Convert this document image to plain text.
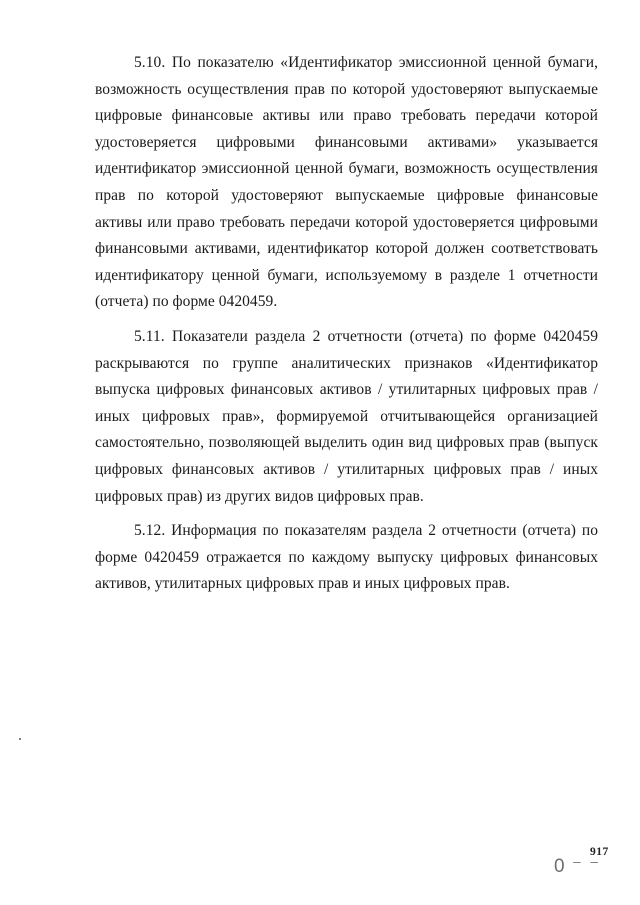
5.10. По показателю «Идентификатор эмиссионной ценной бумаги, возможность осуществления прав по которой удостоверяют выпускаемые цифровые финансовые активы или право требовать передачи которой удостоверяется цифровыми финансовыми активами» указывается идентификатор эмиссионной ценной бумаги, возможность осуществления прав по которой удостоверяют выпускаемые цифровые финансовые активы или право требовать передачи которой удостоверяется цифровыми финансовыми активами, идентификатор которой должен соответствовать идентификатору ценной бумаги, используемому в разделе 1 отчетности (отчета) по форме 0420459.

5.11. Показатели раздела 2 отчетности (отчета) по форме 0420459 раскрываются по группе аналитических признаков «Идентификатор выпуска цифровых финансовых активов / утилитарных цифровых прав / иных цифровых прав», формируемой отчитывающейся организацией самостоятельно, позволяющей выделить один вид цифровых прав (выпуск цифровых финансовых активов / утилитарных цифровых прав / иных цифровых прав) из других видов цифровых прав.

5.12. Информация по показателям раздела 2 отчетности (отчета) по форме 0420459 отражается по каждому выпуску цифровых финансовых активов, утилитарных цифровых прав и иных цифровых прав.

917
0 ⁻ ⁻
